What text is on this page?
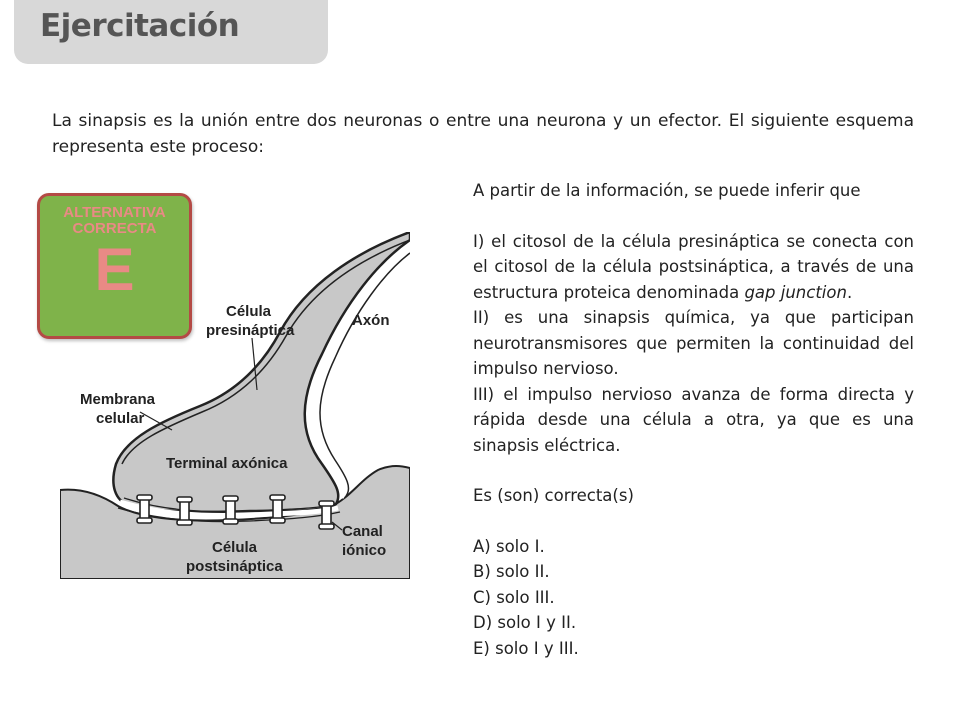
Ejercitación
La sinapsis es la unión entre dos neuronas o entre una neurona y un efector. El siguiente esquema representa este proceso:
Célula
presináptica
Axón
Membrana
celular
Terminal axónica
Canal
iónico
Célula
postsináptica
ALTERNATIVA
CORRECTA
E

A partir de la información, se puede inferir que

I) el citosol de la célula presináptica se conecta con el citosol de la célula postsináptica, a través de una estructura proteica denominada gap junction.

II) es una sinapsis química, ya que participan neurotransmisores que permiten la continuidad del impulso nervioso.

III) el impulso nervioso avanza de forma directa y rápida desde una célula a otra, ya que es una sinapsis eléctrica.

Es (son) correcta(s)

A) solo I.

B) solo II.

C) solo III.

D) solo I y II.

E) solo I y III.
